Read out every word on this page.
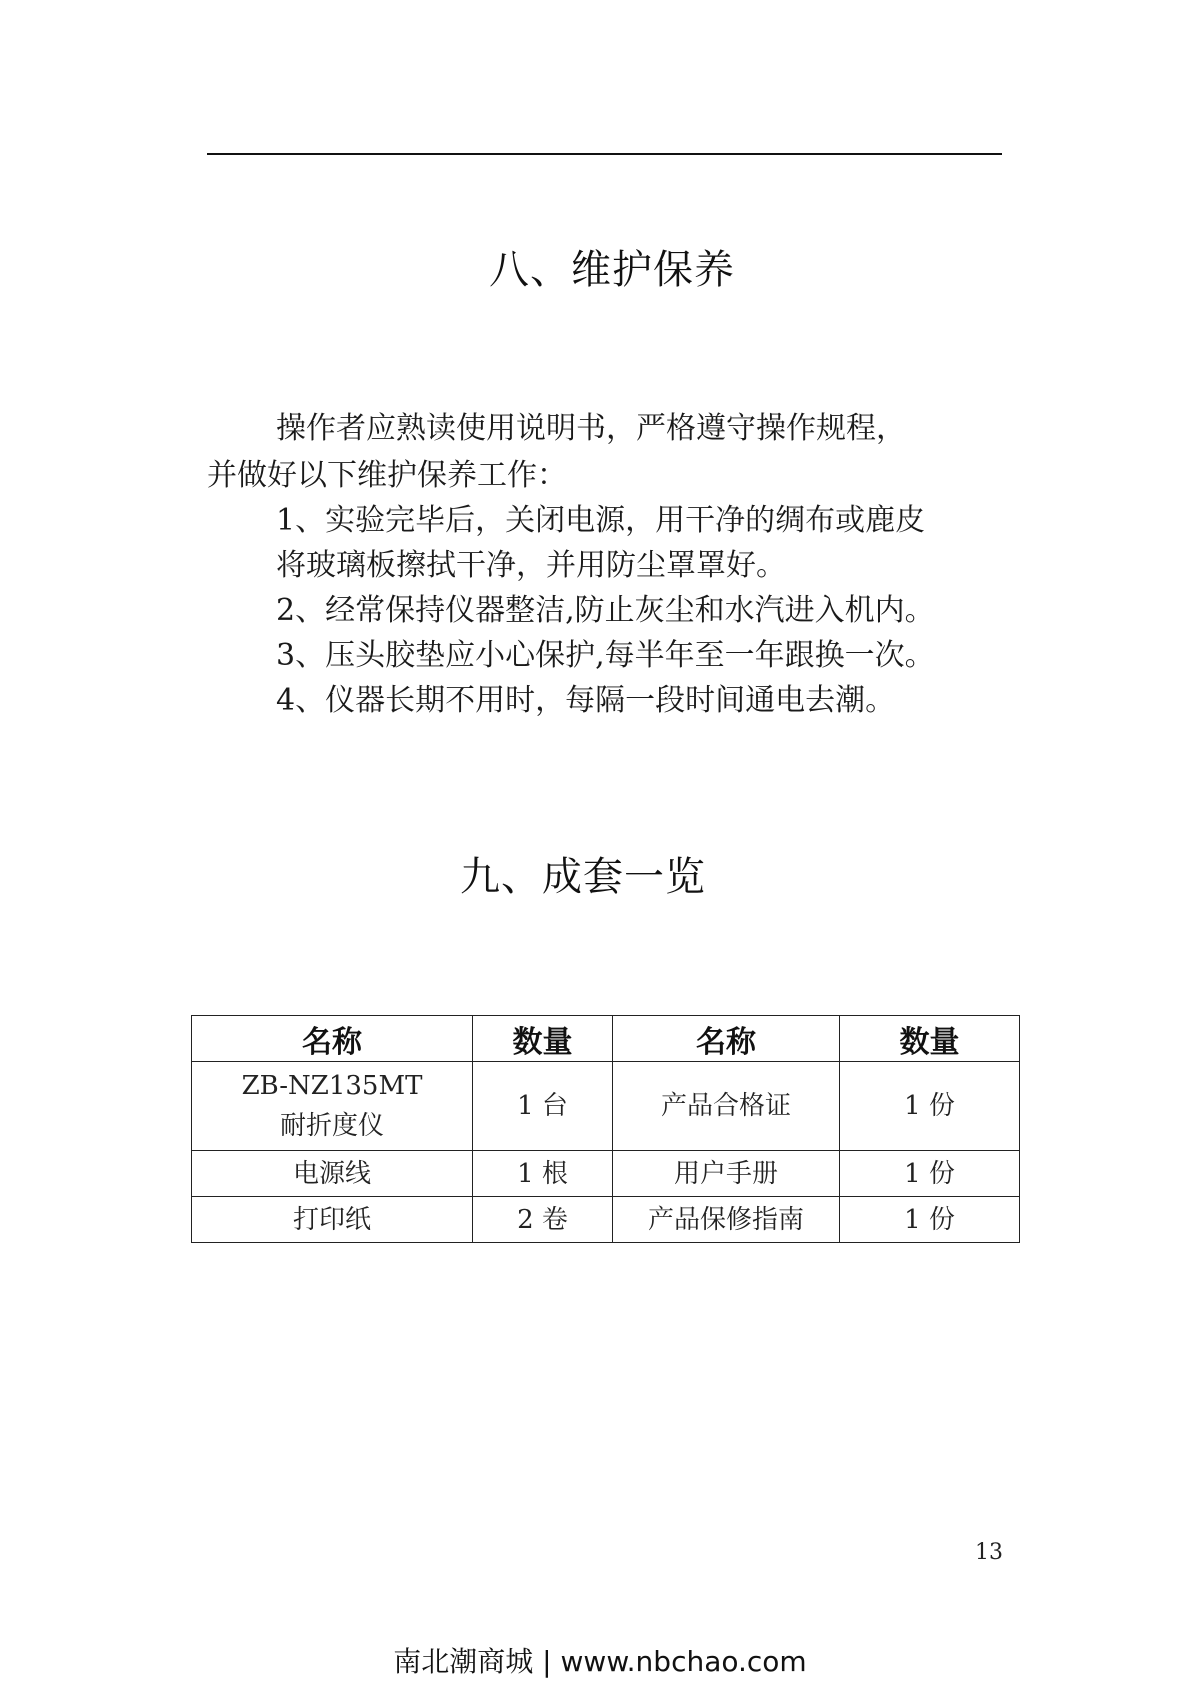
八、维护保养
操作者应熟读使用说明书，严格遵守操作规程，
并做好以下维护保养工作：
1、实验完毕后，关闭电源，用干净的绸布或鹿皮
将玻璃板擦拭干净，并用防尘罩罩好。
2、经常保持仪器整洁,防止灰尘和水汽进入机内。
3、压头胶垫应小心保护,每半年至一年跟换一次。
4、仪器长期不用时，每隔一段时间通电去潮。
九、成套一览
名称	数量	名称	数量

ZB-NZ135MT
耐折度仪	1 台	产品合格证	1 份
电源线	1 根	用户手册	1 份
打印纸	2 卷	产品保修指南	1 份
13
南北潮商城 | www.nbchao.com
